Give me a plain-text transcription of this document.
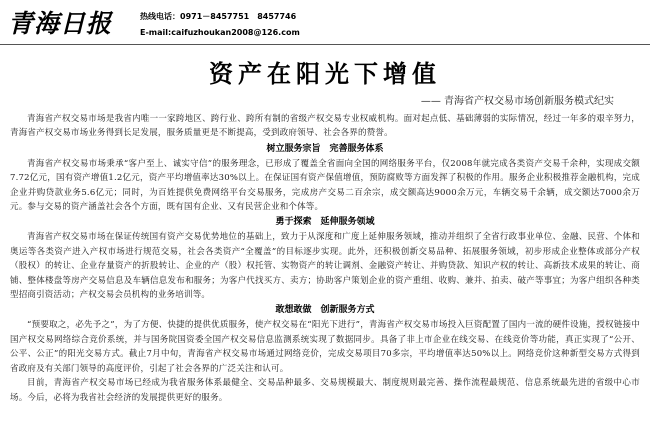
青海日报	热线电话：0971－8457751　8457746
E-mail:caifuzhoukan2008@126.com
资产在阳光下增值
—— 青海省产权交易市场创新服务模式纪实

青海省产权交易市场是我省内唯一一家跨地区、跨行业、跨所有制的省级产权交易专业权威机构。面对起点低、基础薄弱的实际情况，经过一年多的艰辛努力，青海省产权交易市场业务得到长足发展，服务质量更是不断提高，受到政府领导、社会各界的赞誉。

树立服务宗旨　完善服务体系

青海省产权交易市场秉承“客户至上、诚实守信”的服务理念，已形成了覆盖全省面向全国的网络服务平台，仅2008年就完成各类资产交易千余种，实现成交额7.72亿元，国有资产增值1.2亿元，资产平均增值率达30%以上。在保证国有资产保值增值，预防腐败等方面发挥了积极的作用。服务企业积极推荐金融机构，完成企业并购贷款业务5.6亿元；同时，为百姓提供免费网络平台交易服务，完成房产交易二百余宗，成交额高达9000余万元，车辆交易千余辆，成交额达7000余万元。参与交易的资产涵盖社会各个方面，既有国有企业、又有民营企业和个体等。

勇于探索　延伸服务领域

青海省产权交易市场在保证传统国有资产交易优势地位的基础上，致力于从深度和广度上延伸服务领域，推动并组织了全省行政事业单位、金融、民营、个体和奥运等各类资产进入产权市场进行规范交易，社会各类资产“全覆盖”的目标逐步实现。此外，还积极创新交易品种、拓展服务领域，初步形成企业整体或部分产权（股权）的转让、企业存量资产的折股转让、企业的产（股）权托管、实物资产的转让调剂、金融资产转让、并购贷款、知识产权的转让、高新技术成果的转让、商铺、整体楼盘等房产交易信息及车辆信息发布和服务；为客户代找买方、卖方；协助客户策划企业的资产重组、收购、兼并、拍卖、破产等事宜；为客户组织各种类型招商引资活动；产权交易会员机构的业务培训等。

敢想敢做　创新服务方式

“预要取之，必先予之”，为了方便、快捷的提供优质服务，使产权交易在“阳光下进行”，青海省产权交易市场投入巨资配置了国内一流的硬件设施，授权链接中国产权交易网络综合竞价系统，并与国务院国资委全国产权交易信息监测系统实现了数据同步。具备了非上市企业在线交易、在线竞价等功能，真正实现了“公开、公平、公正”的阳光交易方式。截止7月中旬，青海省产权交易市场通过网络竞价，完成交易项目70多宗，平均增值率达50%以上。网络竞价这种新型交易方式得到省政府及有关部门领导的高度评价，引起了社会各界的广泛关注和认可。

目前，青海省产权交易市场已经成为我省服务体系最健全、交易品种最多、交易规模最大、制度规则最完善、操作流程最规范、信息系统最先进的省级中心市场。今后，必将为我省社会经济的发展提供更好的服务。
